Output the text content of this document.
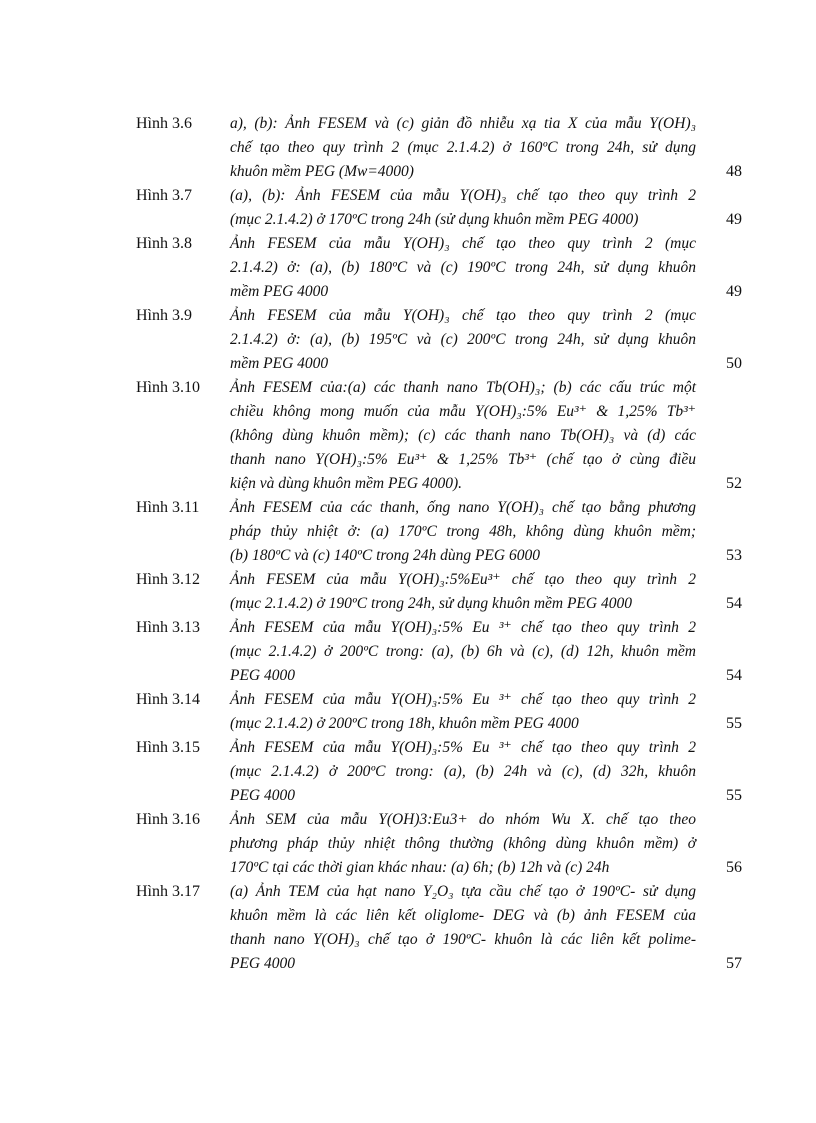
Hình 3.6	a), (b): Ảnh FESEM và (c) giản đồ nhiễu xạ tia X của mẫu Y(OH)₃
chế tạo theo quy trình 2 (mục 2.1.4.2) ở 160ºC trong 24h, sử dụng
khuôn mềm PEG (Mw=4000)	48
Hình 3.7	(a), (b): Ảnh FESEM của mẫu Y(OH)₃ chế tạo theo quy trình 2
(mục 2.1.4.2) ở 170ºC trong 24h (sử dụng khuôn mềm PEG 4000)	49
Hình 3.8	Ảnh FESEM của mẫu Y(OH)₃ chế tạo theo quy trình 2 (mục
2.1.4.2) ở: (a), (b) 180ºC và (c) 190ºC trong 24h, sử dụng khuôn
mềm PEG 4000	49
Hình 3.9	Ảnh FESEM của mẫu Y(OH)₃ chế tạo theo quy trình 2 (mục
2.1.4.2) ở: (a), (b) 195ºC và (c) 200ºC trong 24h, sử dụng khuôn
mềm PEG 4000	50
Hình 3.10	Ảnh FESEM của:(a) các thanh nano Tb(OH)₃; (b) các cấu trúc một
chiều không mong muốn của mẫu Y(OH)₃:5% Eu³⁺ & 1,25% Tb³⁺
(không dùng khuôn mềm); (c) các thanh nano Tb(OH)₃ và (d) các
thanh nano Y(OH)₃:5% Eu³⁺ & 1,25% Tb³⁺ (chế tạo ở cùng điều
kiện và dùng khuôn mềm PEG 4000).	52
Hình 3.11	Ảnh FESEM của các thanh, ống nano Y(OH)₃ chế tạo bằng phương
pháp thủy nhiệt ở: (a) 170ºC trong 48h, không dùng khuôn mềm;
(b) 180ºC và (c) 140ºC trong 24h dùng PEG 6000	53
Hình 3.12	Ảnh FESEM của mẫu Y(OH)₃:5%Eu³⁺ chế tạo theo quy trình 2
(mục 2.1.4.2) ở 190ºC trong 24h, sử dụng khuôn mềm PEG 4000	54
Hình 3.13	Ảnh FESEM của mẫu Y(OH)₃:5% Eu ³⁺ chế tạo theo quy trình 2
(mục 2.1.4.2) ở 200ºC trong: (a), (b) 6h và (c), (d) 12h, khuôn mềm
PEG 4000	54
Hình 3.14	Ảnh FESEM của mẫu Y(OH)₃:5% Eu ³⁺ chế tạo theo quy trình 2
(mục 2.1.4.2) ở 200ºC trong 18h, khuôn mềm PEG 4000	55
Hình 3.15	Ảnh FESEM của mẫu Y(OH)₃:5% Eu ³⁺ chế tạo theo quy trình 2
(mục 2.1.4.2) ở 200ºC trong: (a), (b) 24h và (c), (d) 32h, khuôn
PEG 4000	55
Hình 3.16	Ảnh SEM của mẫu Y(OH)3:Eu3+ do nhóm Wu X. chế tạo theo
phương pháp thủy nhiệt thông thường (không dùng khuôn mềm) ở
170ºC tại các thời gian khác nhau: (a) 6h; (b) 12h và (c) 24h	56
Hình 3.17	(a) Ảnh TEM của hạt nano Y₂O₃ tựa cầu chế tạo ở 190ºC- sử dụng
khuôn mềm là các liên kết oliglome- DEG và (b) ảnh FESEM của
thanh nano Y(OH)₃ chế tạo ở 190ºC- khuôn là các liên kết polime-
PEG 4000	57
